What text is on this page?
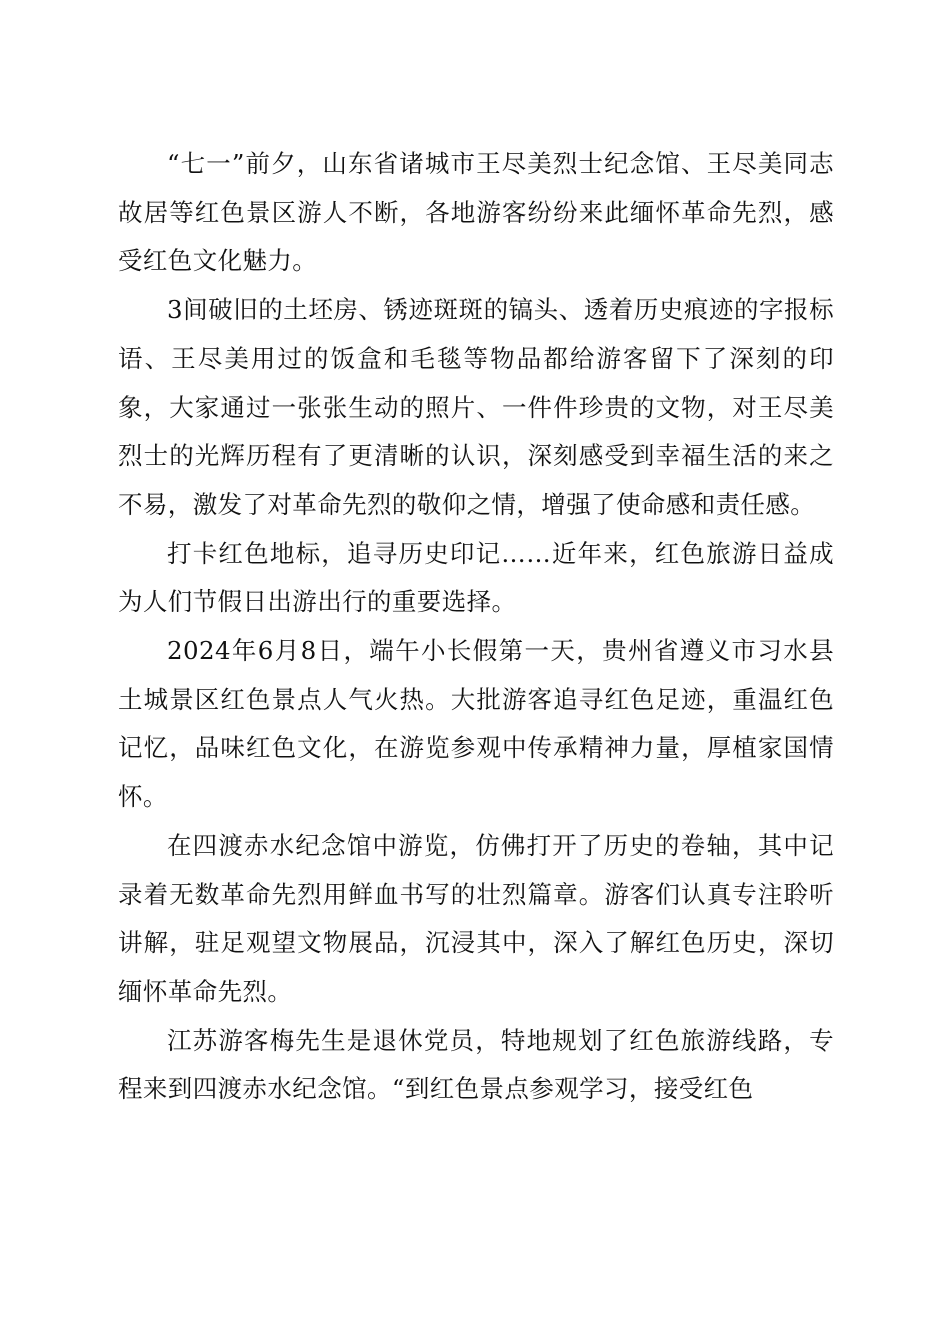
“七一”前夕，山东省诸城市王尽美烈士纪念馆、王尽美同志故居等红色景区游人不断，各地游客纷纷来此缅怀革命先烈，感受红色文化魅力。

3间破旧的土坯房、锈迹斑斑的镐头、透着历史痕迹的字报标语、王尽美用过的饭盒和毛毯等物品都给游客留下了深刻的印象，大家通过一张张生动的照片、一件件珍贵的文物，对王尽美烈士的光辉历程有了更清晰的认识，深刻感受到幸福生活的来之不易，激发了对革命先烈的敬仰之情，增强了使命感和责任感。

打卡红色地标，追寻历史印记……近年来，红色旅游日益成为人们节假日出游出行的重要选择。

2024年6月8日，端午小长假第一天，贵州省遵义市习水县土城景区红色景点人气火热。大批游客追寻红色足迹，重温红色记忆，品味红色文化，在游览参观中传承精神力量，厚植家国情怀。

在四渡赤水纪念馆中游览，仿佛打开了历史的卷轴，其中记录着无数革命先烈用鲜血书写的壮烈篇章。游客们认真专注聆听讲解，驻足观望文物展品，沉浸其中，深入了解红色历史，深切缅怀革命先烈。

江苏游客梅先生是退休党员，特地规划了红色旅游线路，专程来到四渡赤水纪念馆。“到红色景点参观学习，接受红色
